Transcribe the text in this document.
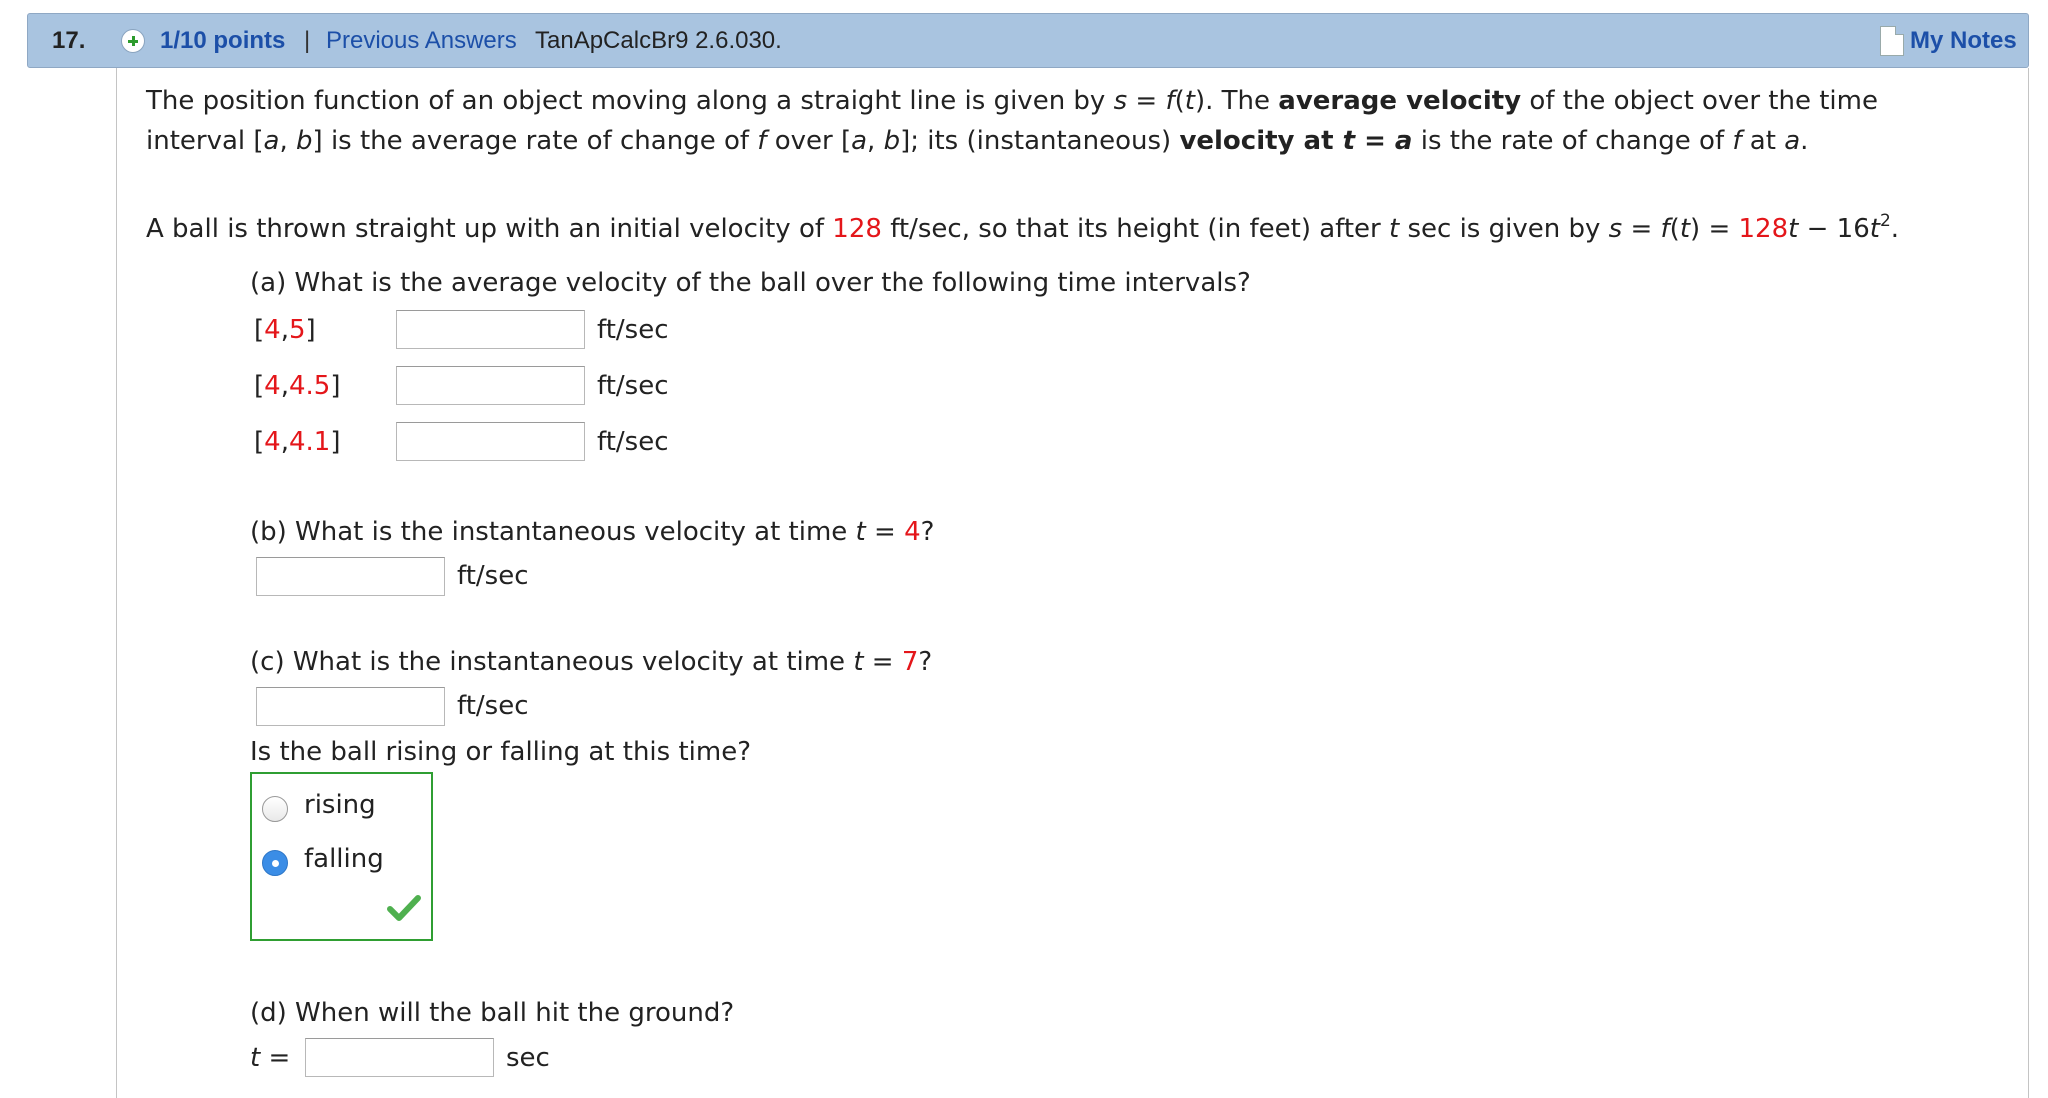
17.	1/10 points | Previous Answers TanApCalcBr9 2.6.030.	My Notes
The position function of an object moving along a straight line is given by s = f(t). The average velocity of the object over the time
interval [a, b] is the average rate of change of f over [a, b]; its (instantaneous) velocity at t = a is the rate of change of f at a.
A ball is thrown straight up with an initial velocity of 128 ft/sec, so that its height (in feet) after t sec is given by $s = f(t) = 128t - 16t^2$.
(a) What is the average velocity of the ball over the following time intervals?
[4,5]	ft/sec
[4,4.5]	ft/sec
[4,4.1]	ft/sec
(b) What is the instantaneous velocity at time t = 4?
ft/sec
(c) What is the instantaneous velocity at time t = 7?
ft/sec
Is the ball rising or falling at this time?
rising
falling
(d) When will the ball hit the ground?
t =	sec
